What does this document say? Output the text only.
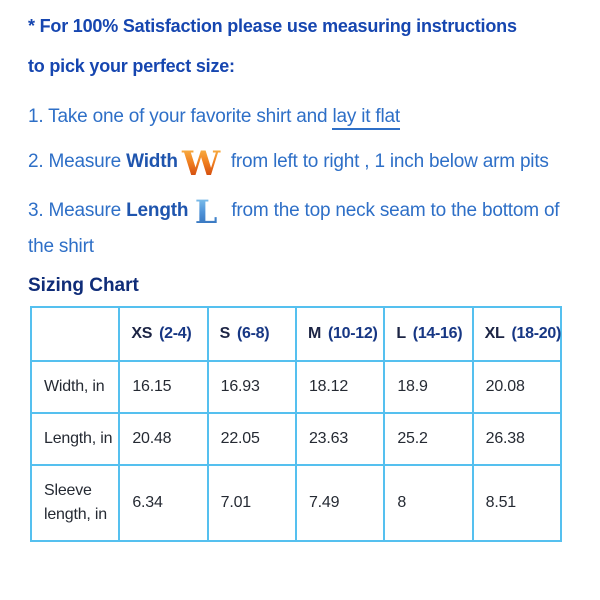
* For 100% Satisfaction please use measuring instructions
to pick your perfect size:
1. Take one of your favorite shirt and lay it flat
2. Measure Width W from left to right , 1 inch below arm pits
3. Measure Length L from the top neck seam to the bottom of
the shirt
Sizing Chart
	XS (2-4)	S (6-8)	M (10-12)	L (14-16)	XL (18-20)
Width, in	16.15	16.93	18.12	18.9	20.08
Length, in	20.48	22.05	23.63	25.2	26.38
Sleeve length, in	6.34	7.01	7.49	8	8.51
